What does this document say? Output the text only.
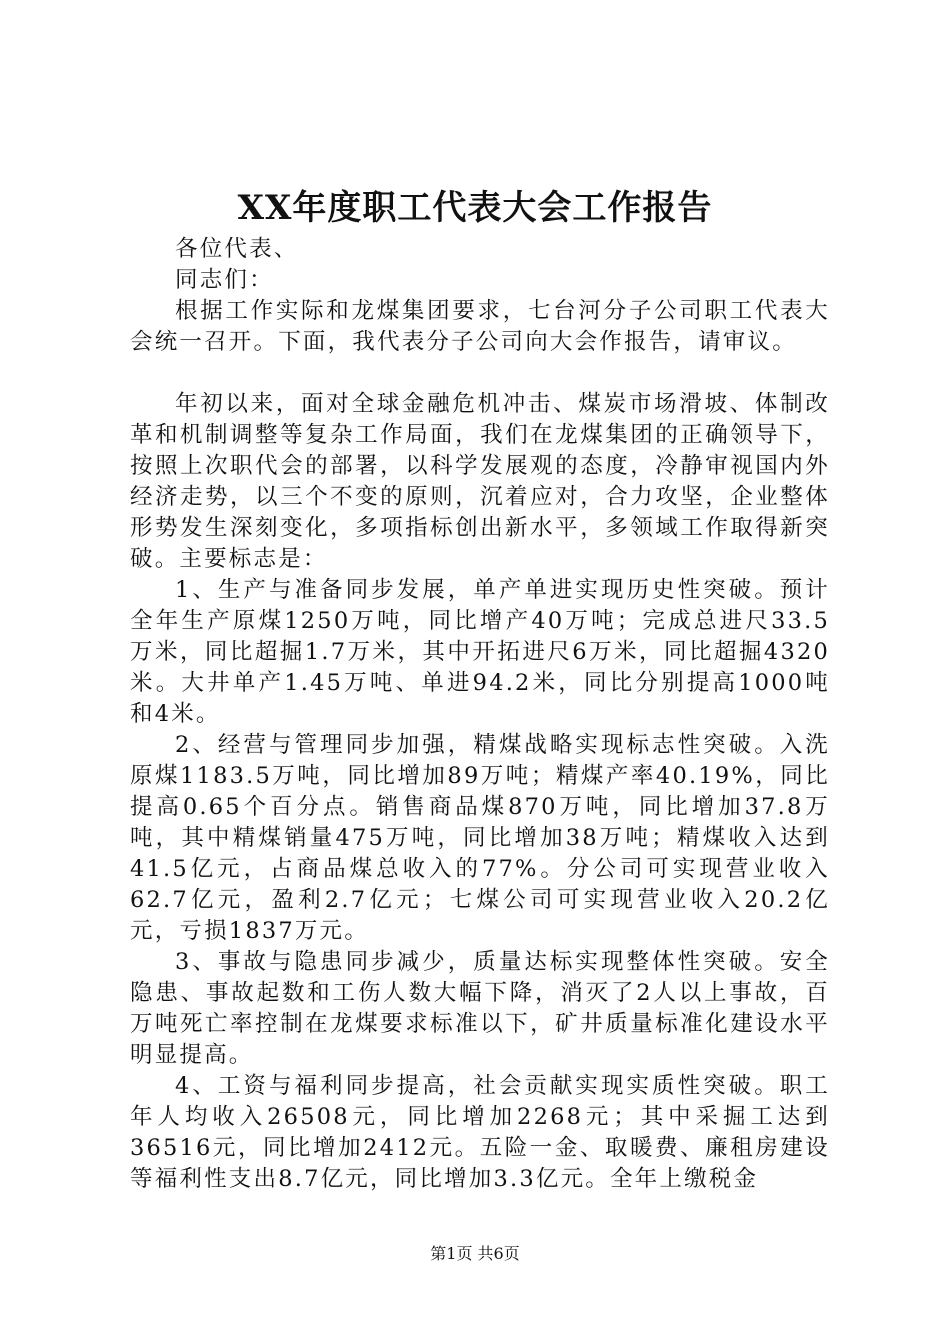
XX年度职工代表大会工作报告

各位代表、

同志们：

根据工作实际和龙煤集团要求，七台河分子公司职工代表大会统一召开。下面，我代表分子公司向大会作报告，请审议。

年初以来，面对全球金融危机冲击、煤炭市场滑坡、体制改革和机制调整等复杂工作局面，我们在龙煤集团的正确领导下，按照上次职代会的部署，以科学发展观的态度，冷静审视国内外经济走势，以三个不变的原则，沉着应对，合力攻坚，企业整体形势发生深刻变化，多项指标创出新水平，多领域工作取得新突破。主要标志是：

1、生产与准备同步发展，单产单进实现历史性突破。预计全年生产原煤1250万吨，同比增产40万吨；完成总进尺33.5万米，同比超掘1.7万米，其中开拓进尺6万米，同比超掘4320米。大井单产1.45万吨、单进94.2米，同比分别提高1000吨和4米。

2、经营与管理同步加强，精煤战略实现标志性突破。入洗原煤1183.5万吨，同比增加89万吨；精煤产率40.19%，同比提高0.65个百分点。销售商品煤870万吨，同比增加37.8万吨，其中精煤销量475万吨，同比增加38万吨；精煤收入达到41.5亿元，占商品煤总收入的77%。分公司可实现营业收入62.7亿元，盈利2.7亿元；七煤公司可实现营业收入20.2亿元，亏损1837万元。

3、事故与隐患同步减少，质量达标实现整体性突破。安全隐患、事故起数和工伤人数大幅下降，消灭了2人以上事故，百万吨死亡率控制在龙煤要求标准以下，矿井质量标准化建设水平明显提高。

4、工资与福利同步提高，社会贡献实现实质性突破。职工年人均收入26508元，同比增加2268元；其中采掘工达到36516元，同比增加2412元。五险一金、取暖费、廉租房建设等福利性支出8.7亿元，同比增加3.3亿元。全年上缴税金

第1页 共6页
